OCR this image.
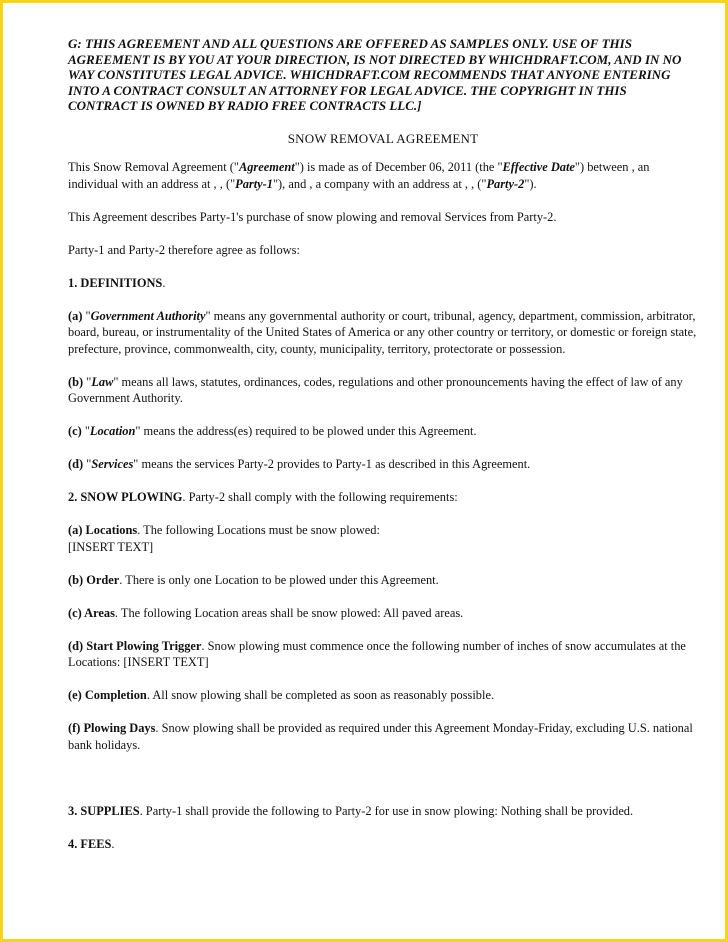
G: THIS AGREEMENT AND ALL QUESTIONS ARE OFFERED AS SAMPLES ONLY. USE OF THIS AGREEMENT IS BY YOU AT YOUR DIRECTION, IS NOT DIRECTED BY WHICHDRAFT.COM, AND IN NO WAY CONSTITUTES LEGAL ADVICE. WHICHDRAFT.COM RECOMMENDS THAT ANYONE ENTERING INTO A CONTRACT CONSULT AN ATTORNEY FOR LEGAL ADVICE. THE COPYRIGHT IN THIS CONTRACT IS OWNED BY RADIO FREE CONTRACTS LLC.]

SNOW REMOVAL AGREEMENT

This Snow Removal Agreement ("Agreement") is made as of December 06, 2011 (the "Effective Date") between , an individual with an address at , , ("Party-1"), and , a company with an address at , , ("Party-2").

This Agreement describes Party-1's purchase of snow plowing and removal Services from Party-2.

Party-1 and Party-2 therefore agree as follows:

1. DEFINITIONS.

(a) "Government Authority" means any governmental authority or court, tribunal, agency, department, commission, arbitrator, board, bureau, or instrumentality of the United States of America or any other country or territory, or domestic or foreign state, prefecture, province, commonwealth, city, county, municipality, territory, protectorate or possession.

(b) "Law" means all laws, statutes, ordinances, codes, regulations and other pronouncements having the effect of law of any Government Authority.

(c) "Location" means the address(es) required to be plowed under this Agreement.

(d) "Services" means the services Party-2 provides to Party-1 as described in this Agreement.

2. SNOW PLOWING. Party-2 shall comply with the following requirements:

(a) Locations. The following Locations must be snow plowed:
[INSERT TEXT]

(b) Order. There is only one Location to be plowed under this Agreement.

(c) Areas. The following Location areas shall be snow plowed: All paved areas.

(d) Start Plowing Trigger. Snow plowing must commence once the following number of inches of snow accumulates at the Locations: [INSERT TEXT]

(e) Completion. All snow plowing shall be completed as soon as reasonably possible.

(f) Plowing Days. Snow plowing shall be provided as required under this Agreement Monday-Friday, excluding U.S. national bank holidays.

3. SUPPLIES. Party-1 shall provide the following to Party-2 for use in snow plowing: Nothing shall be provided.

4. FEES.
